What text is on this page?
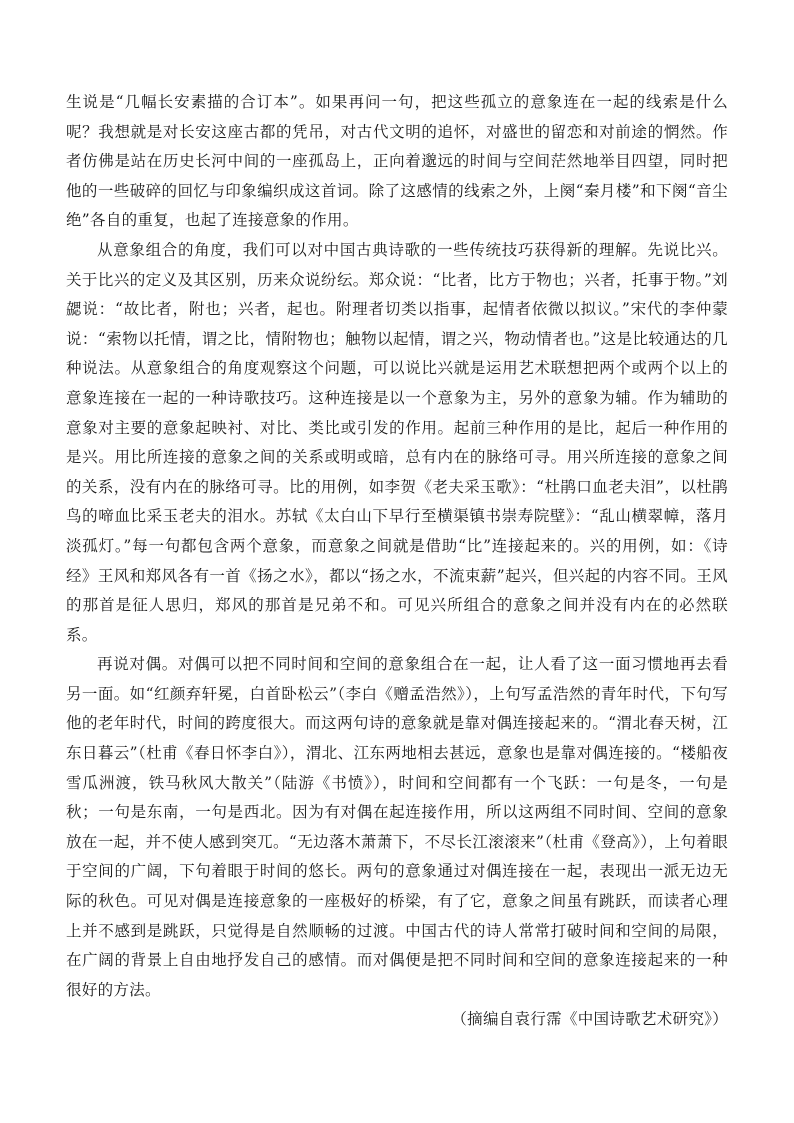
生说是“几幅长安素描的合订本”。如果再问一句，把这些孤立的意象连在一起的线索是什么呢？我想就是对长安这座古都的凭吊，对古代文明的追怀，对盛世的留恋和对前途的惘然。作者仿佛是站在历史长河中间的一座孤岛上，正向着邈远的时间与空间茫然地举目四望，同时把他的一些破碎的回忆与印象编织成这首词。除了这感情的线索之外，上阕“秦月楼”和下阕“音尘绝”各自的重复，也起了连接意象的作用。

从意象组合的角度，我们可以对中国古典诗歌的一些传统技巧获得新的理解。先说比兴。关于比兴的定义及其区别，历来众说纷纭。郑众说：“比者，比方于物也；兴者，托事于物。”刘勰说：“故比者，附也；兴者，起也。附理者切类以指事，起情者依微以拟议。”宋代的李仲蒙说：“索物以托情，谓之比，情附物也；触物以起情，谓之兴，物动情者也。”这是比较通达的几种说法。从意象组合的角度观察这个问题，可以说比兴就是运用艺术联想把两个或两个以上的意象连接在一起的一种诗歌技巧。这种连接是以一个意象为主，另外的意象为辅。作为辅助的意象对主要的意象起映衬、对比、类比或引发的作用。起前三种作用的是比，起后一种作用的是兴。用比所连接的意象之间的关系或明或暗，总有内在的脉络可寻。用兴所连接的意象之间的关系，没有内在的脉络可寻。比的用例，如李贺《老夫采玉歌》：“杜鹃口血老夫泪”，以杜鹃鸟的啼血比采玉老夫的泪水。苏轼《太白山下早行至横渠镇书崇寿院壁》：“乱山横翠幛，落月淡孤灯。”每一句都包含两个意象，而意象之间就是借助“比”连接起来的。兴的用例，如：《诗经》王风和郑风各有一首《扬之水》，都以“扬之水，不流束薪”起兴，但兴起的内容不同。王风的那首是征人思归，郑风的那首是兄弟不和。可见兴所组合的意象之间并没有内在的必然联系。

再说对偶。对偶可以把不同时间和空间的意象组合在一起，让人看了这一面习惯地再去看另一面。如“红颜弃轩冕，白首卧松云”（李白《赠孟浩然》），上句写孟浩然的青年时代，下句写他的老年时代，时间的跨度很大。而这两句诗的意象就是靠对偶连接起来的。“渭北春天树，江东日暮云”（杜甫《春日怀李白》），渭北、江东两地相去甚远，意象也是靠对偶连接的。“楼船夜雪瓜洲渡，铁马秋风大散关”（陆游《书愤》），时间和空间都有一个飞跃：一句是冬，一句是秋；一句是东南，一句是西北。因为有对偶在起连接作用，所以这两组不同时间、空间的意象放在一起，并不使人感到突兀。“无边落木萧萧下，不尽长江滚滚来”（杜甫《登高》），上句着眼于空间的广阔，下句着眼于时间的悠长。两句的意象通过对偶连接在一起，表现出一派无边无际的秋色。可见对偶是连接意象的一座极好的桥梁，有了它，意象之间虽有跳跃，而读者心理上并不感到是跳跃，只觉得是自然顺畅的过渡。中国古代的诗人常常打破时间和空间的局限，在广阔的背景上自由地抒发自己的感情。而对偶便是把不同时间和空间的意象连接起来的一种很好的方法。

（摘编自袁行霈《中国诗歌艺术研究》）
